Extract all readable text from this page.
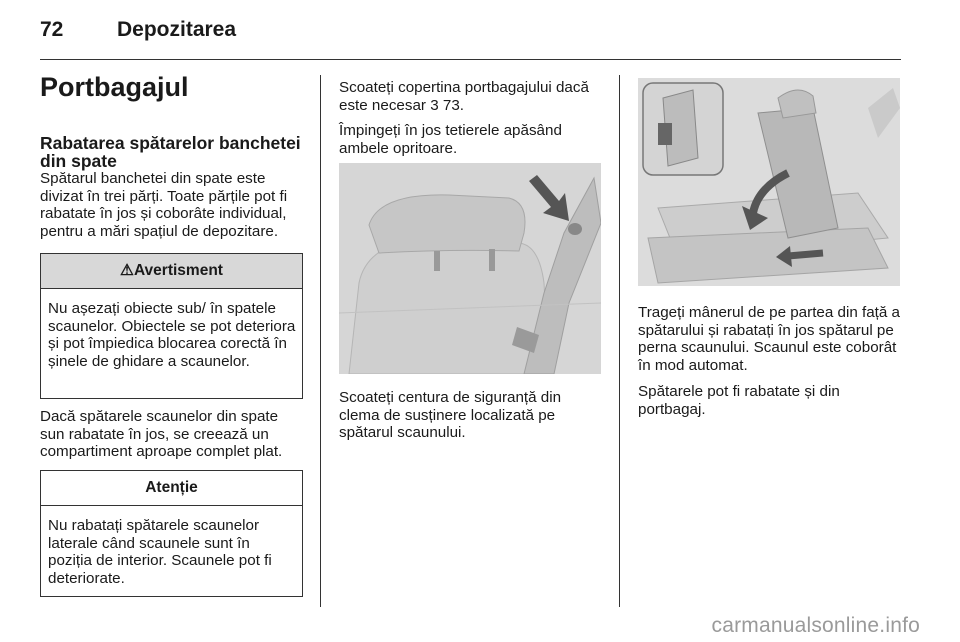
72	Depozitarea
Portbagajul
Rabatarea spătarelor banchetei din spate

Spătarul banchetei din spate este divizat în trei părți. Toate părțile pot fi rabatate în jos și coborâte individual, pentru a mări spațiul de depozitare.

⚠Avertisment
Nu așezați obiecte sub/ în spatele scaunelor. Obiectele se pot deteriora și pot împiedica blocarea corectă în șinele de ghidare a scaunelor.

Dacă spătarele scaunelor din spate sun rabatate în jos, se creează un compartiment aproape complet plat.

Atenție
Nu rabatați spătarele scaunelor laterale când scaunele sunt în poziția de interior. Scaunele pot fi deteriorate.

Scoateți copertina portbagajului dacă este necesar 3 73.

Împingeți în jos tetierele apăsând ambele opritoare.

Scoateți centura de siguranță din clema de susținere localizată pe spătarul scaunului.

Trageți mânerul de pe partea din față a spătarului și rabatați în jos spătarul pe perna scaunului. Scaunul este coborât în mod automat.

Spătarele pot fi rabatate și din portbagaj.

carmanualsonline.info
